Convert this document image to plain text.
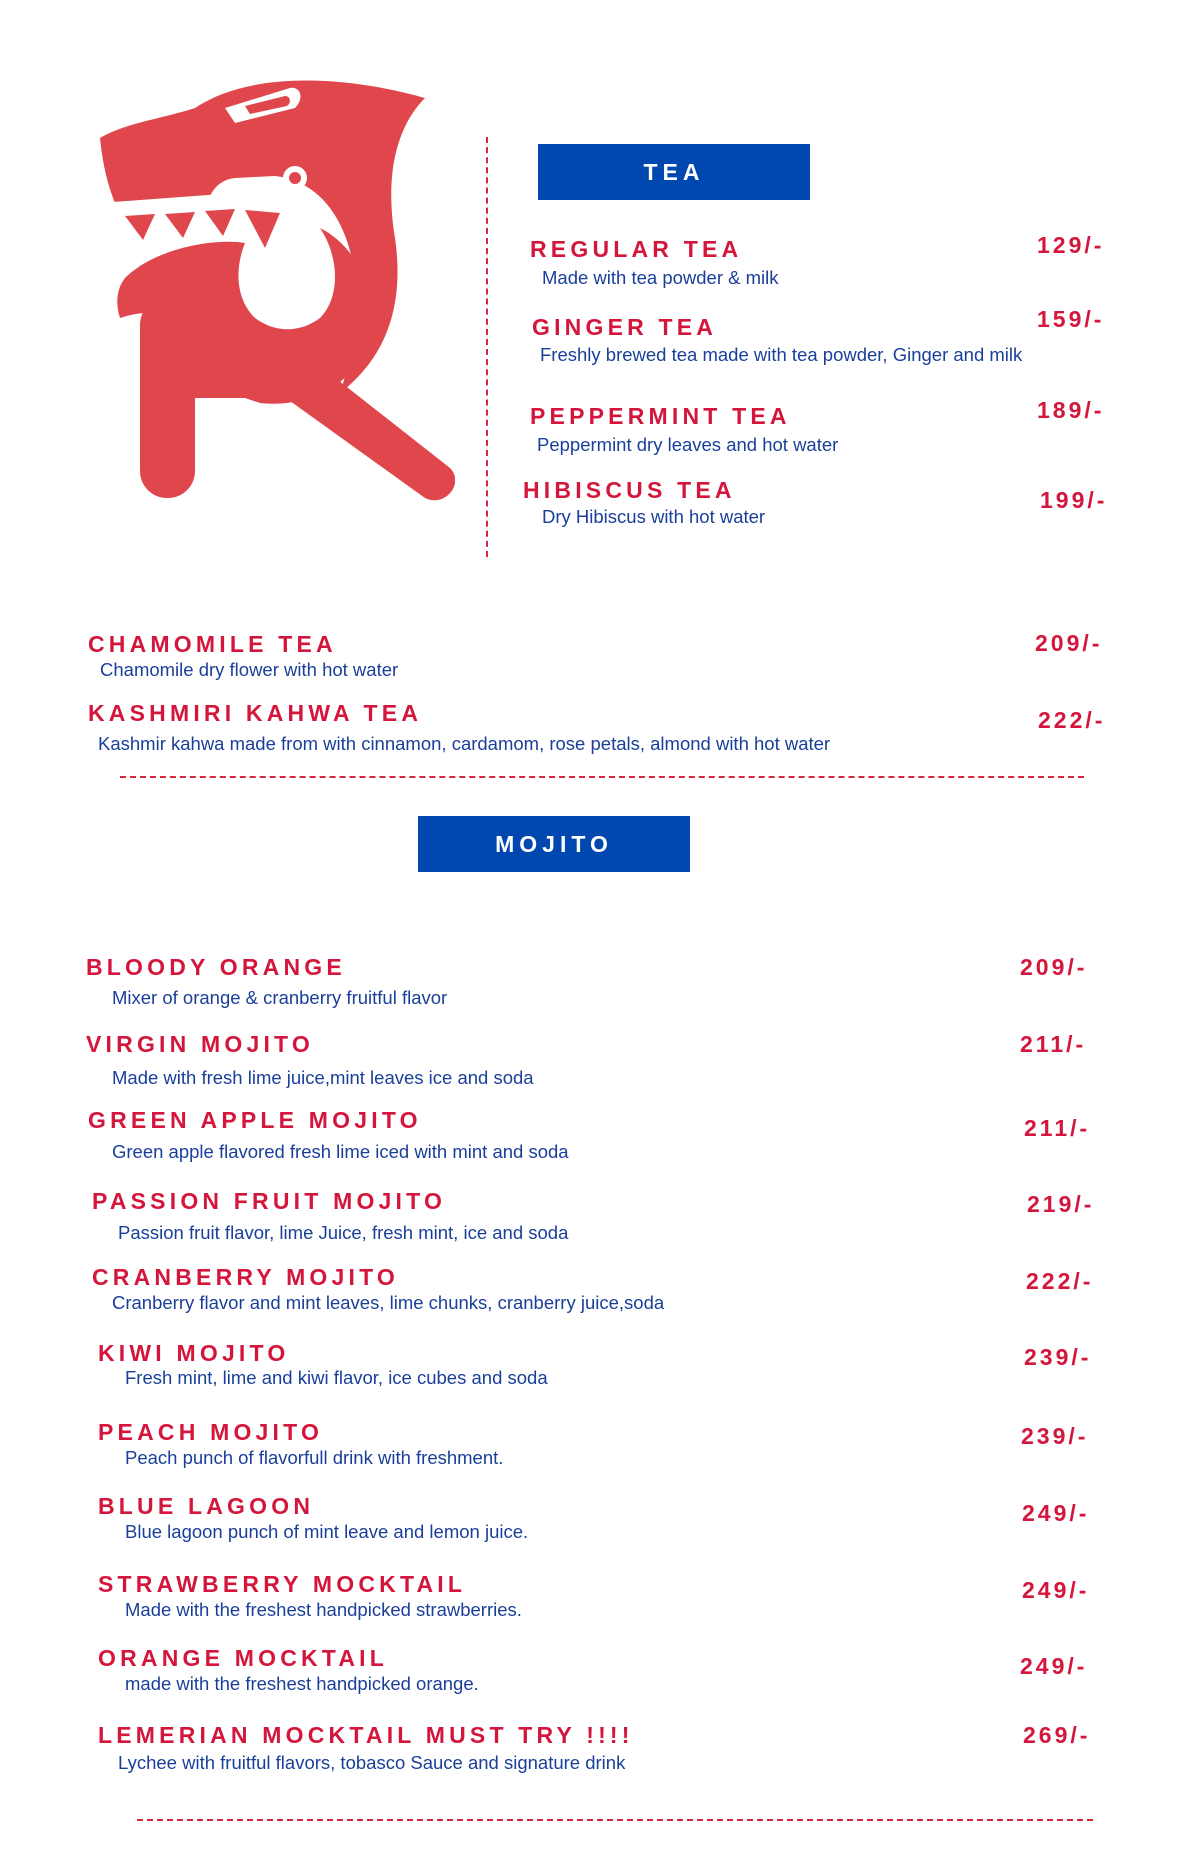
TEA
REGULAR TEA
Made with tea powder & milk
129/-
GINGER TEA
Freshly brewed tea made with tea powder, Ginger and milk
159/-
PEPPERMINT TEA
Peppermint dry leaves and hot water
189/-
HIBISCUS TEA
Dry Hibiscus with hot water
199/-
CHAMOMILE TEA
Chamomile dry flower with hot water
209/-
KASHMIRI KAHWA TEA
Kashmir kahwa made from with cinnamon, cardamom, rose petals, almond with hot water
222/-
MOJITO
BLOODY ORANGE
Mixer of orange & cranberry fruitful flavor
209/-
VIRGIN MOJITO
Made with fresh lime juice,mint leaves ice and soda
211/-
GREEN APPLE MOJITO
Green apple flavored fresh lime iced with mint and soda
211/-
PASSION FRUIT MOJITO
Passion fruit flavor, lime Juice, fresh mint, ice and soda
219/-
CRANBERRY MOJITO
Cranberry flavor and mint leaves, lime chunks, cranberry juice,soda
222/-
KIWI MOJITO
Fresh mint, lime and kiwi flavor, ice cubes and soda
239/-
PEACH MOJITO
Peach punch of flavorfull drink with freshment.
239/-
BLUE LAGOON
Blue lagoon punch of mint leave and lemon juice.
249/-
STRAWBERRY MOCKTAIL
Made with the freshest handpicked strawberries.
249/-
ORANGE MOCKTAIL
made with the freshest handpicked orange.
249/-
LEMERIAN MOCKTAIL MUST TRY !!!!
Lychee with fruitful flavors, tobasco Sauce and signature drink
269/-
